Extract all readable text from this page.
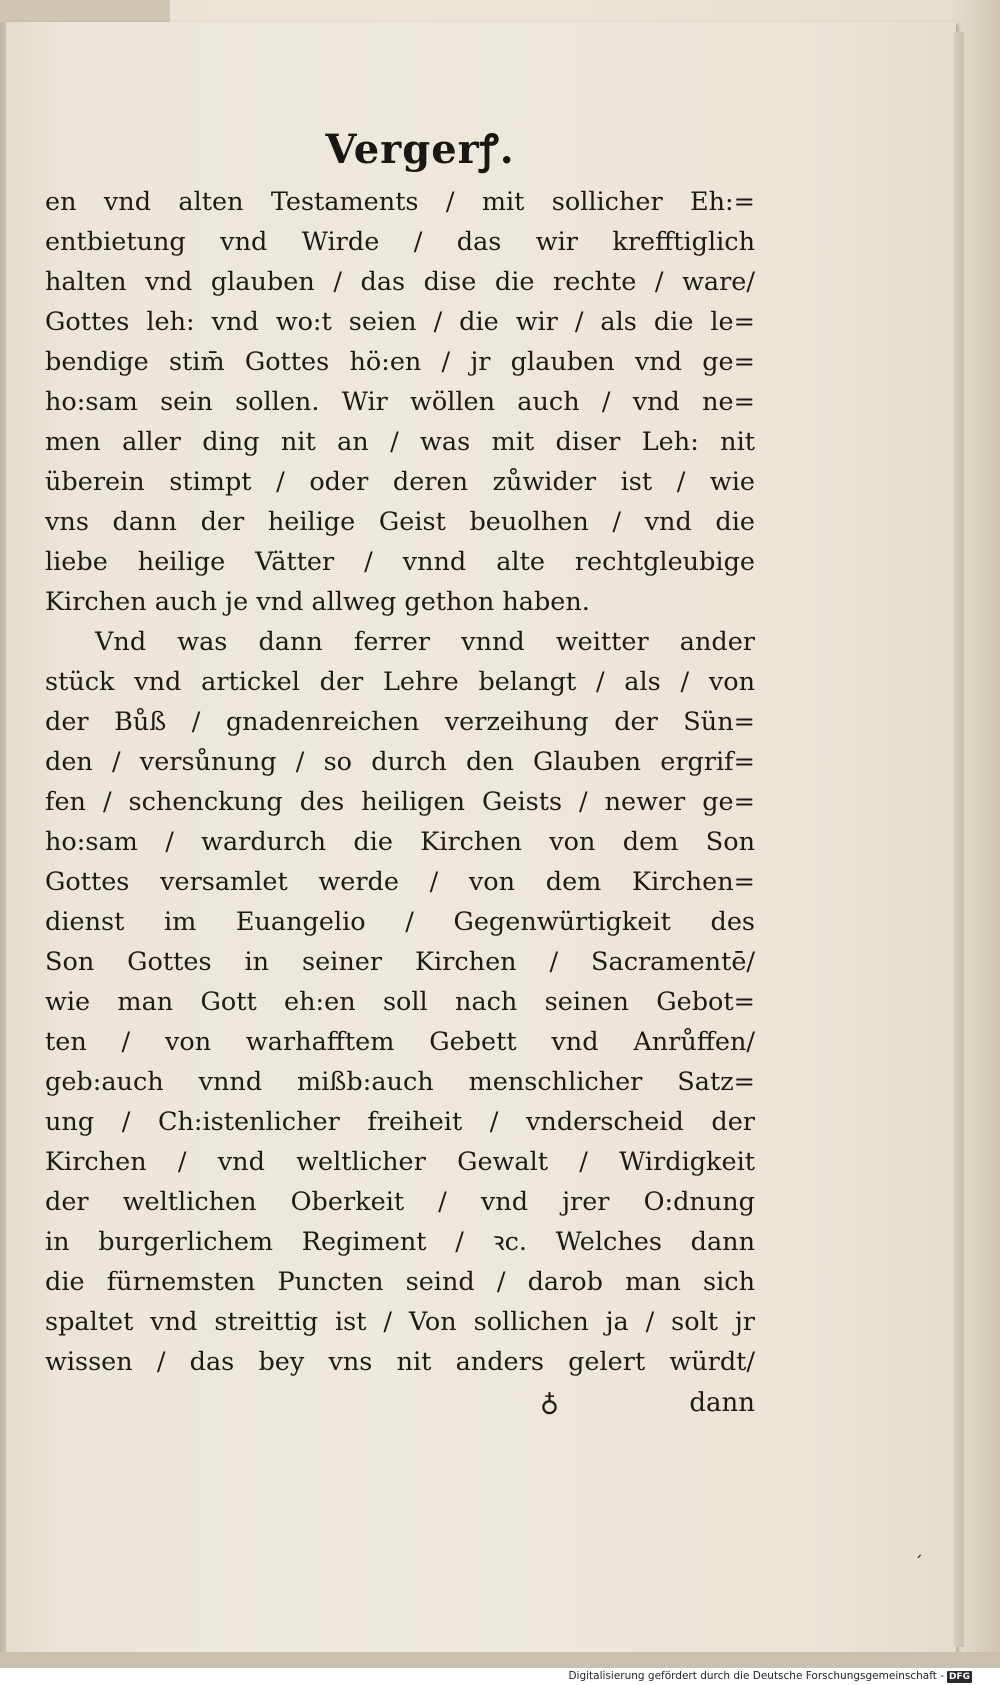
Vergerꝭ.
en vnd alten Testaments / mit sollicher Eh:=
entbietung vnd Wirde / das wir krefftiglich
halten vnd glauben / das dise die rechte / ware/
Gottes leh: vnd wo:t seien / die wir / als die le=
bendige stim̄ Gottes hö:en / jr glauben vnd ge=
ho:sam sein sollen. Wir wöllen auch / vnd ne=
men aller ding nit an / was mit diser Leh: nit
überein stimpt / oder deren zůwider ist / wie
vns dann der heilige Geist beuolhen / vnd die
liebe heilige Vätter / vnnd alte rechtgleubige
Kirchen auch je vnd allweg gethon haben.
Vnd was dann ferrer vnnd weitter ander
stück vnd artickel der Lehre belangt / als / von
der Bůß / gnadenreichen verzeihung der Sün=
den / versůnung / so durch den Glauben ergrif=
fen / schenckung des heiligen Geists / newer ge=
ho:sam / wardurch die Kirchen von dem Son
Gottes versamlet werde / von dem Kirchen=
dienst im Euangelio / Gegenwürtigkeit des
Son Gottes in seiner Kirchen / Sacramentē/
wie man Gott eh:en soll nach seinen Gebot=
ten / von warhafftem Gebett vnd Anrůffen/
geb:auch vnnd mißb:auch menschlicher Satz=
ung / Ch:istenlicher freiheit / vnderscheid der
Kirchen / vnd weltlicher Gewalt / Wirdigkeit
der weltlichen Oberkeit / vnd jrer O:dnung
in burgerlichem Regiment / ꝛc. Welches dann
die fürnemsten Puncten seind / darob man sich
spaltet vnd streittig ist / Von sollichen ja / solt jr
wissen / das bey vns nit anders gelert würdt/
♁	dann
ˏ
Digitalisierung gefördert durch die Deutsche Forschungsgemeinschaft - DFG
